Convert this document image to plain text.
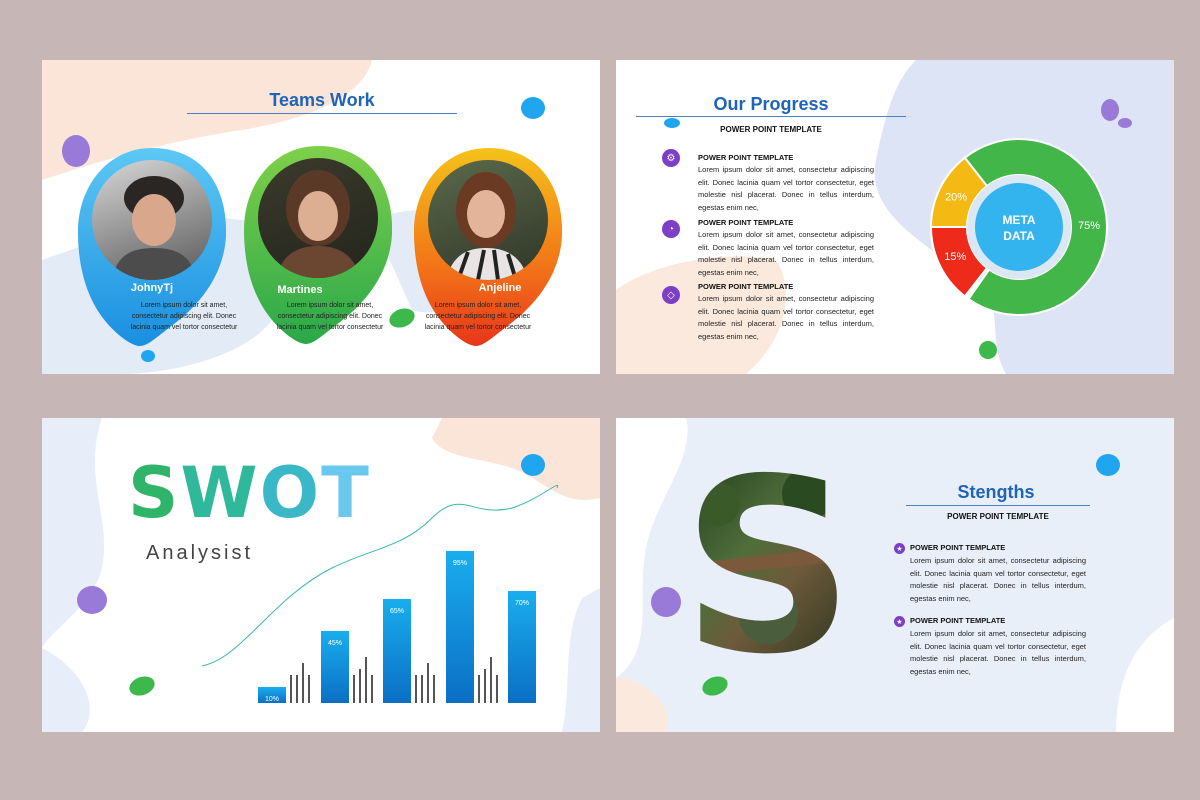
Teams Work
JohnyTj
Lorem ipsum dolor sit amet, consectetur adipiscing elit. Donec lacinia quam vel tortor consectetur
Martines
Lorem ipsum dolor sit amet, consectetur adipiscing elit. Donec lacinia quam vel tortor consectetur
Anjeline
Lorem ipsum dolor sit amet, consectetur adipiscing elit. Donec lacinia quam vel tortor consectetur
Our Progress
POWER POINT TEMPLATE
⚙	POWER POINT TEMPLATE
Lorem ipsum dolor sit amet, consectetur adipiscing elit. Donec lacinia quam vel tortor consectetur, eget molestie nisl placerat. Donec in tellus interdum, egestas enim nec,
◔
POWER POINT TEMPLATE
Lorem ipsum dolor sit amet, consectetur adipiscing elit. Donec lacinia quam vel tortor consectetur, eget molestie nisl placerat. Donec in tellus interdum, egestas enim nec,
◇
POWER POINT TEMPLATE
Lorem ipsum dolor sit amet, consectetur adipiscing elit. Donec lacinia quam vel tortor consectetur, eget molestie nisl placerat. Donec in tellus interdum, egestas enim nec,
META
DATA
15%
20%
75%
SWOT
Analysist
10%
45%
65%
95%
70%
Stengths
POWER POINT TEMPLATE
★ POWER POINT TEMPLATE
Lorem ipsum dolor sit amet, consectetur adipiscing elit. Donec lacinia quam vel tortor consectetur, eget molestie nisl placerat. Donec in tellus interdum, egestas enim nec,
★ POWER POINT TEMPLATE
Lorem ipsum dolor sit amet, consectetur adipiscing elit. Donec lacinia quam vel tortor consectetur, eget molestie nisl placerat. Donec in tellus interdum, egestas enim nec,
